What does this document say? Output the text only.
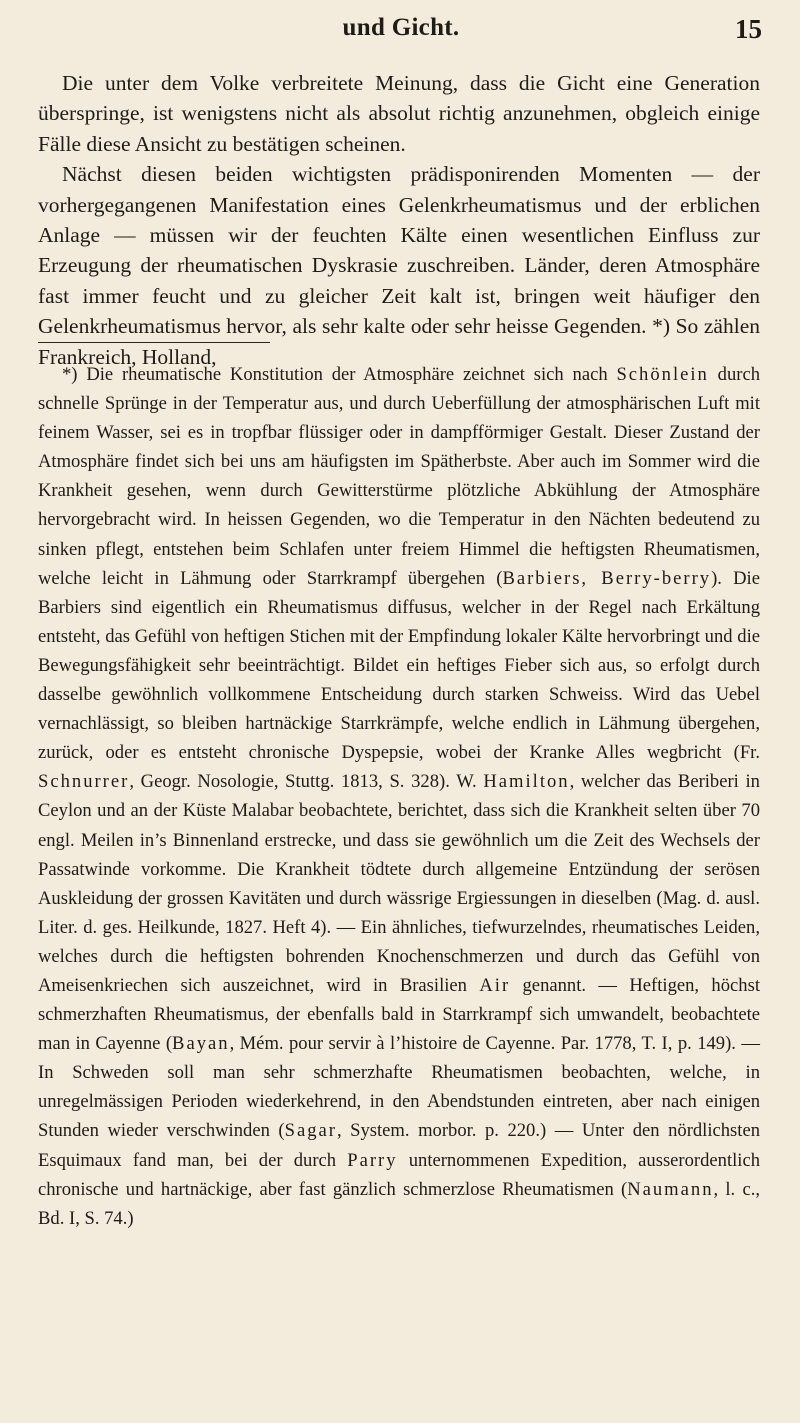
und Gicht.	15

Die unter dem Volke verbreitete Meinung, dass die Gicht eine Generation überspringe, ist wenigstens nicht als absolut richtig anzunehmen, obgleich einige Fälle diese Ansicht zu bestätigen scheinen.

Nächst diesen beiden wichtigsten prädisponirenden Momenten — der vorhergegangenen Manifestation eines Gelenkrheumatismus und der erblichen Anlage — müssen wir der feuchten Kälte einen wesentlichen Einfluss zur Erzeugung der rheumatischen Dyskrasie zuschreiben. Länder, deren Atmosphäre fast immer feucht und zu gleicher Zeit kalt ist, bringen weit häufiger den Gelenkrheumatismus hervor, als sehr kalte oder sehr heisse Gegenden. *) So zählen Frankreich, Holland,

*) Die rheumatische Konstitution der Atmosphäre zeichnet sich nach Schönlein durch schnelle Sprünge in der Temperatur aus, und durch Ueberfüllung der atmosphärischen Luft mit feinem Wasser, sei es in tropfbar flüssiger oder in dampfförmiger Gestalt. Dieser Zustand der Atmosphäre findet sich bei uns am häufigsten im Spätherbste. Aber auch im Sommer wird die Krankheit gesehen, wenn durch Gewitterstürme plötzliche Abkühlung der Atmosphäre hervorgebracht wird. In heissen Gegenden, wo die Temperatur in den Nächten bedeutend zu sinken pflegt, entstehen beim Schlafen unter freiem Himmel die heftigsten Rheumatismen, welche leicht in Lähmung oder Starrkrampf übergehen (Barbiers, Berry-berry). Die Barbiers sind eigentlich ein Rheumatismus diffusus, welcher in der Regel nach Erkältung entsteht, das Gefühl von heftigen Stichen mit der Empfindung lokaler Kälte hervorbringt und die Bewegungsfähigkeit sehr beeinträchtigt. Bildet ein heftiges Fieber sich aus, so erfolgt durch dasselbe gewöhnlich vollkommene Entscheidung durch starken Schweiss. Wird das Uebel vernachlässigt, so bleiben hartnäckige Starrkrämpfe, welche endlich in Lähmung übergehen, zurück, oder es entsteht chronische Dyspepsie, wobei der Kranke Alles wegbricht (Fr. Schnurrer, Geogr. Nosologie, Stuttg. 1813, S. 328). W. Hamilton, welcher das Beriberi in Ceylon und an der Küste Malabar beobachtete, berichtet, dass sich die Krankheit selten über 70 engl. Meilen in’s Binnenland erstrecke, und dass sie gewöhnlich um die Zeit des Wechsels der Passatwinde vorkomme. Die Krankheit tödtete durch allgemeine Entzündung der serösen Auskleidung der grossen Kavitäten und durch wässrige Ergiessungen in dieselben (Mag. d. ausl. Liter. d. ges. Heilkunde, 1827. Heft 4). — Ein ähnliches, tiefwurzelndes, rheumatisches Leiden, welches durch die heftigsten bohrenden Knochenschmerzen und durch das Gefühl von Ameisenkriechen sich auszeichnet, wird in Brasilien Air genannt. — Heftigen, höchst schmerzhaften Rheumatismus, der ebenfalls bald in Starrkrampf sich umwandelt, beobachtete man in Cayenne (Bayan, Mém. pour servir à l’histoire de Cayenne. Par. 1778, T. I, p. 149). — In Schweden soll man sehr schmerzhafte Rheumatismen beobachten, welche, in unregelmässigen Perioden wiederkehrend, in den Abendstunden eintreten, aber nach einigen Stunden wieder verschwinden (Sagar, System. morbor. p. 220.) — Unter den nördlichsten Esquimaux fand man, bei der durch Parry unternommenen Expedition, ausserordentlich chronische und hartnäckige, aber fast gänzlich schmerzlose Rheumatismen (Naumann, l. c., Bd. I, S. 74.)
